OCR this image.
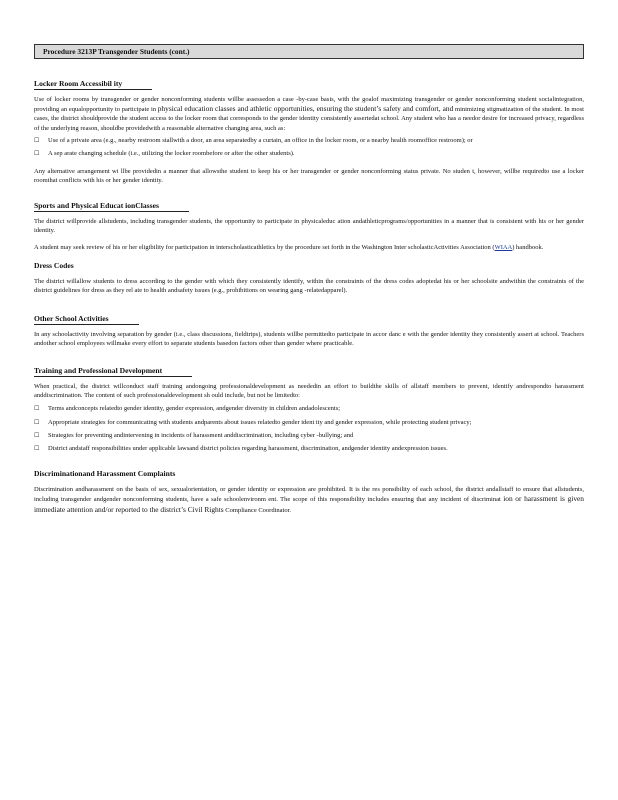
Procedure 3213P Transgender Students (cont.)
Locker Room Accessibil ity

Use of locker rooms by transgender or gender nonconforming students willbe assessedon a case -by-case basis, with the goalof maximizing transgender or gender nonconforming student socialintegration, providing an equalopportunity to participate in physical education classes and athletic opportunities, ensuring the student’s safety and comfort, and minimizing stigmatization of the student. In most cases, the district shouldprovide the student access to the locker room that corresponds to the gender identity consistently assertedat school. Any student who has a needor desire for increased privacy, regardless of the underlying reason, shouldbe providedwith a reasonable alternative changing area, such as:

☐	Use of a private area (e.g., nearby restroom stallwith a door, an area separatedby a curtain, an office in the locker room, or a nearby health roomoffice restroom); or
☐	A sep arate changing schedule (i.e., utilizing the locker roombefore or after the other students).

Any alternative arrangement wi llbe providedin a manner that allowsthe student to keep his or her transgender or gender nonconforming status private. No studen t, however, willbe requiredto use a locker roomthat conflicts with his or her gender identity.

Sports and Physical Educat ionClasses

The district willprovide allstudents, including transgender students, the opportunity to participate in physicaleduc ation andathleticprograms/opportunities in a manner that is consistent with his or her gender identity.

A student may seek review of his or her eligibility for participation in interscholasticathletics by the procedure set forth in the Washington Inter scholasticActivities Association (WIAA) handbook.

Dress Codes

The district willallow students to dress according to the gender with which they consistently identify, within the constraints of the dress codes adoptedat his or her schoolsite andwithin the constraints of the district guidelines for dress as they rel ate to health andsafety issues (e.g., prohibitions on wearing gang -relatedapparel).

Other School Activities

In any schoolactivity involving separation by gender (i.e., class discussions, fieldtrips), students willbe permittedto participate in accor danc e with the gender identity they consistently assert at school. Teachers andother school employees willmake every effort to separate students basedon factors other than gender where practicable.

Training and Professional Development

When practical, the district willconduct staff training andongoing professionaldevelopment as neededin an effort to buildthe skills of allstaff members to prevent, identify andrespondto harassment anddiscrimination. The content of such professionaldevelopment sh ould include, but not be limitedto:

☐	Terms andconcepts relatedto gender identity, gender expression, andgender diversity in children andadolescents;
☐	Appropriate strategies for communicating with students andparents about issues relatedto gender ident ity and gender expression, while protecting student privacy;
☐	Strategies for preventing andintervening in incidents of harassment anddiscrimination, including cyber -bullying; and
☐	District andstaff responsibilities under applicable lawsand district policies regarding harassment, discrimination, andgender identity andexpression issues.
Discriminationand Harassment Complaints

Discrimination andharassment on the basis of sex, sexualorientation, or gender identity or expression are prohibited. It is the res ponsibility of each school, the district andallstaff to ensure that allstudents, including transgender andgender nonconforming students, have a safe schoolenvironm ent. The scope of this responsibility includes ensuring that any incident of discriminat ion or harassment is given immediate attention and/or reported to the district’s Civil Rights Compliance Coordinator.
